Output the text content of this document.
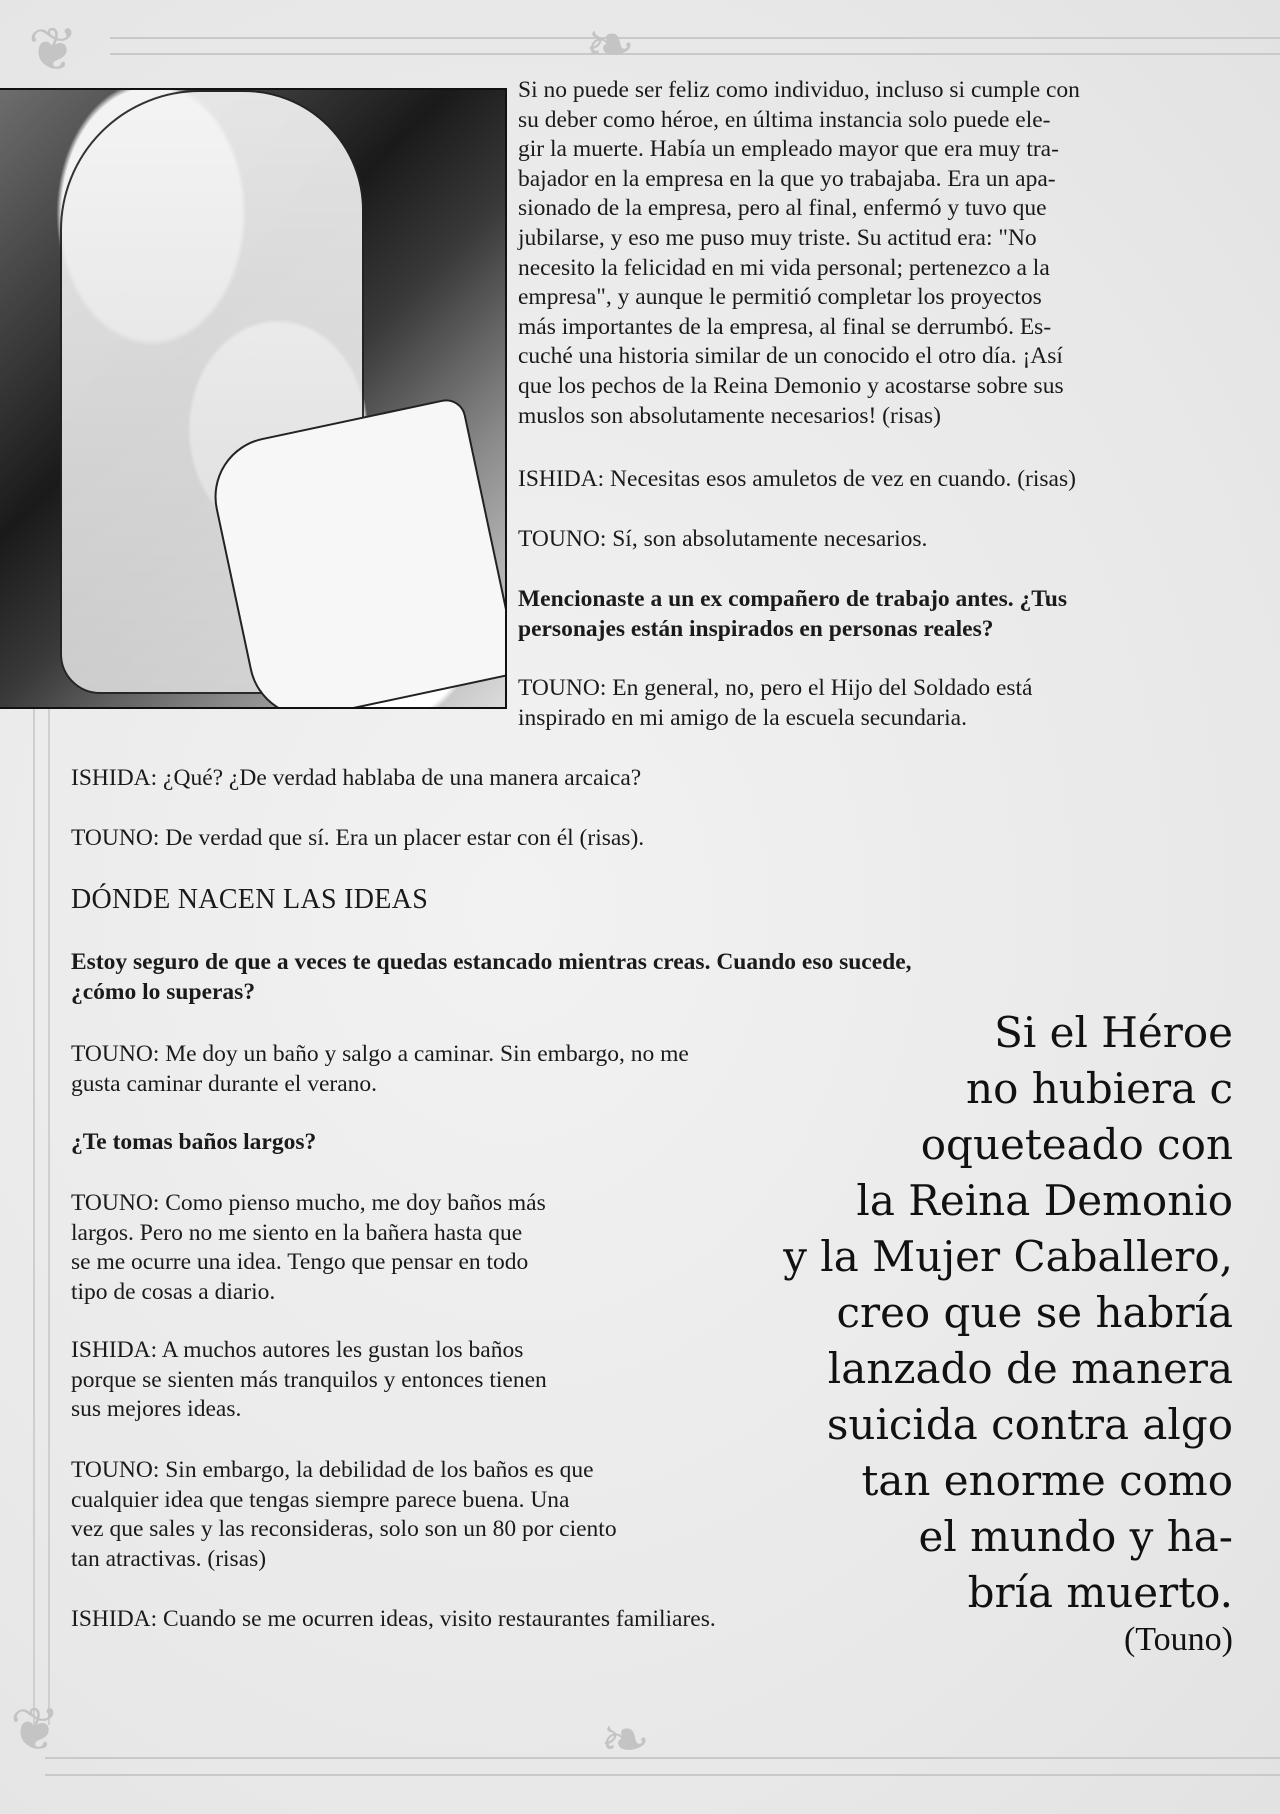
❦	❧
❦	❧

Si no puede ser feliz como individuo, incluso si cumple con

su deber como héroe, en última instancia solo puede ele-

gir la muerte. Había un empleado mayor que era muy tra-

bajador en la empresa en la que yo trabajaba. Era un apa-

sionado de la empresa, pero al final, enfermó y tuvo que

jubilarse, y eso me puso muy triste. Su actitud era: "No

necesito la felicidad en mi vida personal; pertenezco a la

empresa", y aunque le permitió completar los proyectos

más importantes de la empresa, al final se derrumbó. Es-

cuché una historia similar de un conocido el otro día. ¡Así

que los pechos de la Reina Demonio y acostarse sobre sus

muslos son absolutamente necesarios! (risas)

ISHIDA: Necesitas esos amuletos de vez en cuando. (risas)

TOUNO: Sí, son absolutamente necesarios.

Mencionaste a un ex compañero de trabajo antes. ¿Tus

personajes están inspirados en personas reales?

TOUNO: En general, no, pero el Hijo del Soldado está

inspirado en mi amigo de la escuela secundaria.

ISHIDA: ¿Qué? ¿De verdad hablaba de una manera arcaica?

TOUNO: De verdad que sí. Era un placer estar con él (risas).

DÓNDE NACEN LAS IDEAS

Estoy seguro de que a veces te quedas estancado mientras creas. Cuando eso sucede,

¿cómo lo superas?

TOUNO: Me doy un baño y salgo a caminar. Sin embargo, no me

gusta caminar durante el verano.

¿Te tomas baños largos?

TOUNO: Como pienso mucho, me doy baños más

largos. Pero no me siento en la bañera hasta que

se me ocurre una idea. Tengo que pensar en todo

tipo de cosas a diario.

ISHIDA: A muchos autores les gustan los baños

porque se sienten más tranquilos y entonces tienen

sus mejores ideas.

TOUNO: Sin embargo, la debilidad de los baños es que

cualquier idea que tengas siempre parece buena. Una

vez que sales y las reconsideras, solo son un 80 por ciento

tan atractivas. (risas)

ISHIDA: Cuando se me ocurren ideas, visito restaurantes familiares.

Si el Héroe
no hubiera c
oqueteado con
la Reina Demonio
y la Mujer Caballero,
creo que se habría
lanzado de manera
suicida contra algo
tan enorme como
el mundo y ha-
bría muerto.
(Touno)
